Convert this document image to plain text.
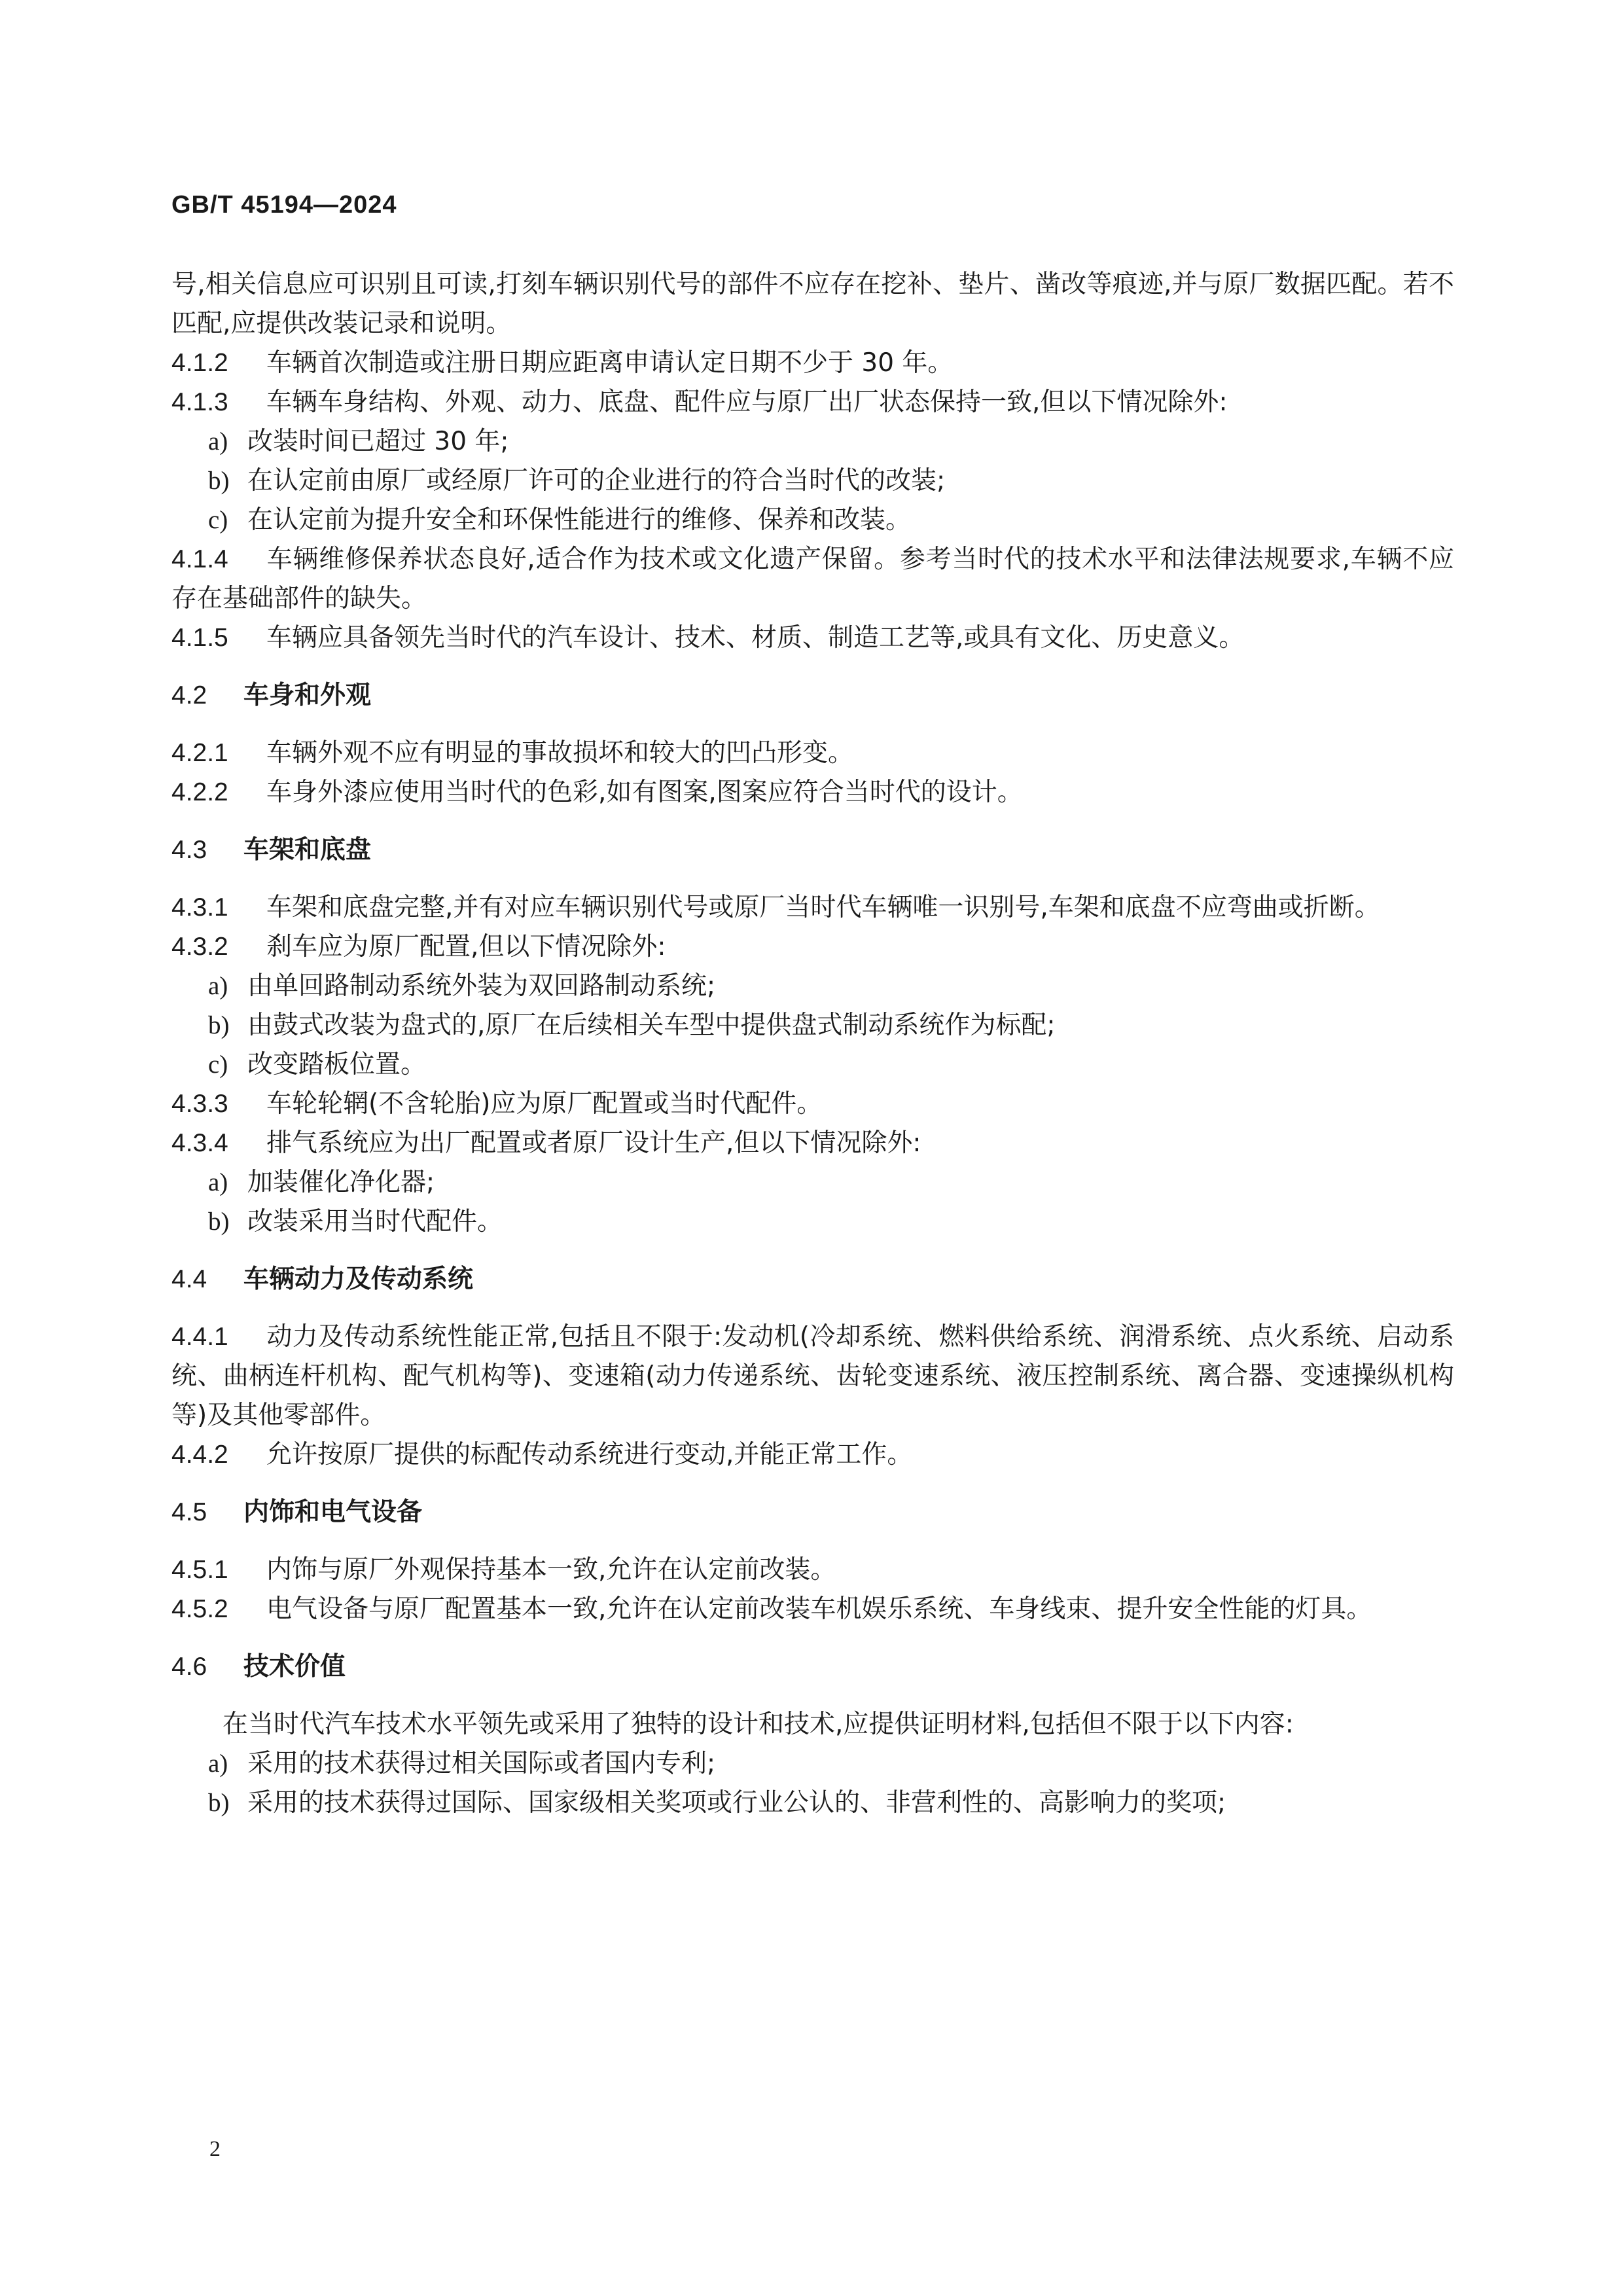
GB/T 45194—2024
号,相关信息应可识别且可读,打刻车辆识别代号的部件不应存在挖补、垫片、凿改等痕迹,并与原厂数据匹配。若不匹配,应提供改装记录和说明。
4.1.2 车辆首次制造或注册日期应距离申请认定日期不少于 30 年。
4.1.3 车辆车身结构、外观、动力、底盘、配件应与原厂出厂状态保持一致,但以下情况除外:
a) 改装时间已超过 30 年;
b) 在认定前由原厂或经原厂许可的企业进行的符合当时代的改装;
c) 在认定前为提升安全和环保性能进行的维修、保养和改装。
4.1.4 车辆维修保养状态良好,适合作为技术或文化遗产保留。参考当时代的技术水平和法律法规要求,车辆不应存在基础部件的缺失。
4.1.5 车辆应具备领先当时代的汽车设计、技术、材质、制造工艺等,或具有文化、历史意义。
4.2 车身和外观
4.2.1 车辆外观不应有明显的事故损坏和较大的凹凸形变。
4.2.2 车身外漆应使用当时代的色彩,如有图案,图案应符合当时代的设计。
4.3 车架和底盘
4.3.1 车架和底盘完整,并有对应车辆识别代号或原厂当时代车辆唯一识别号,车架和底盘不应弯曲或折断。
4.3.2 刹车应为原厂配置,但以下情况除外:
a) 由单回路制动系统外装为双回路制动系统;
b) 由鼓式改装为盘式的,原厂在后续相关车型中提供盘式制动系统作为标配;
c) 改变踏板位置。
4.3.3 车轮轮辋(不含轮胎)应为原厂配置或当时代配件。
4.3.4 排气系统应为出厂配置或者原厂设计生产,但以下情况除外:
a) 加装催化净化器;
b) 改装采用当时代配件。
4.4 车辆动力及传动系统
4.4.1 动力及传动系统性能正常,包括且不限于:发动机(冷却系统、燃料供给系统、润滑系统、点火系统、启动系统、曲柄连杆机构、配气机构等)、变速箱(动力传递系统、齿轮变速系统、液压控制系统、离合器、变速操纵机构等)及其他零部件。
4.4.2 允许按原厂提供的标配传动系统进行变动,并能正常工作。
4.5 内饰和电气设备
4.5.1 内饰与原厂外观保持基本一致,允许在认定前改装。
4.5.2 电气设备与原厂配置基本一致,允许在认定前改装车机娱乐系统、车身线束、提升安全性能的灯具。
4.6 技术价值
在当时代汽车技术水平领先或采用了独特的设计和技术,应提供证明材料,包括但不限于以下内容:
a) 采用的技术获得过相关国际或者国内专利;
b) 采用的技术获得过国际、国家级相关奖项或行业公认的、非营利性的、高影响力的奖项;
2
